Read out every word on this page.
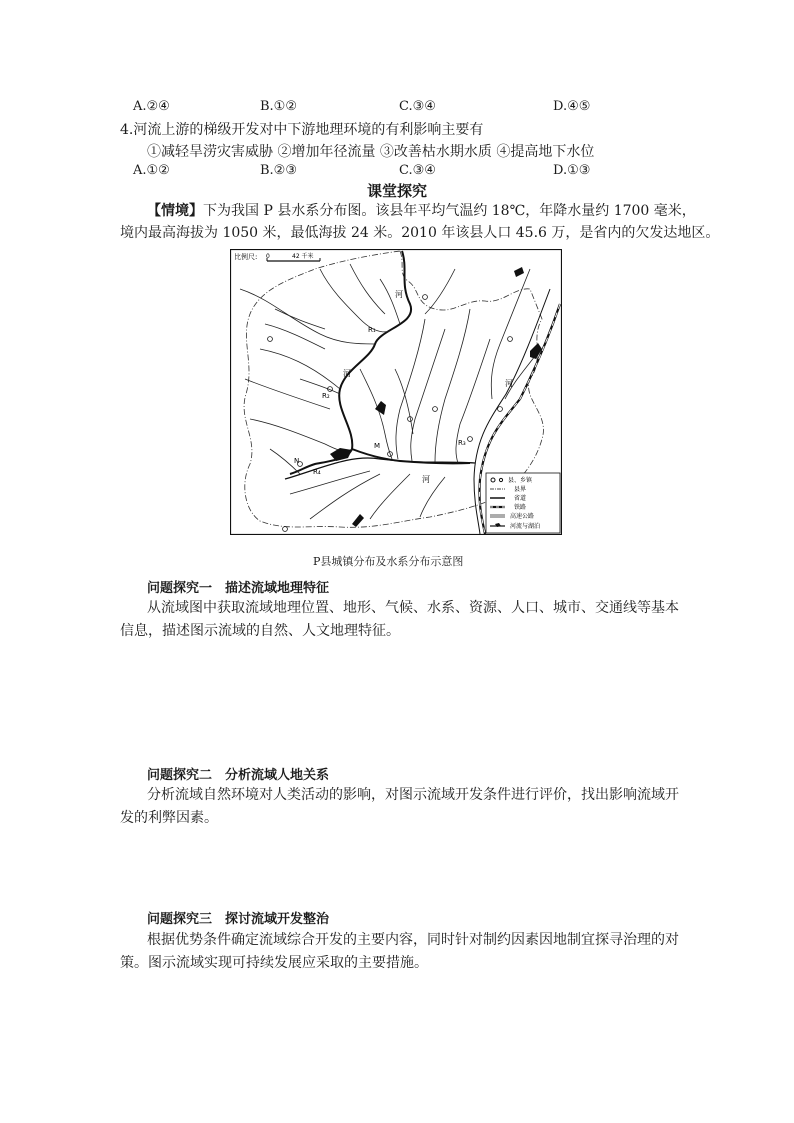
A.②④	B.①②	C.③④	D.④⑤
4.河流上游的梯级开发对中下游地理环境的有利影响主要有
①减轻旱涝灾害威胁 ②增加年径流量 ③改善枯水期水质 ④提高地下水位
A.①②	B.②③	C.③④	D.①③
课堂探究
【情境】下为我国 P 县水系分布图。该县年平均气温约 18℃，年降水量约 1700 毫米，
境内最高海拔为 1050 米，最低海拔 24 米。2010 年该县人口 45.6 万，是省内的欠发达地区。
比例尺: 0	42 千米
河
河
河
河
R₁
R₂
R₃
R₄
M
N
县、乡镇
县界
省道
铁路
高速公路
河流与湖泊
P县城镇分布及水系分布示意图
问题探究一　描述流域地理特征
从流域图中获取流域地理位置、地形、气候、水系、资源、人口、城市、交通线等基本
信息，描述图示流域的自然、人文地理特征。
问题探究二　分析流域人地关系
分析流域自然环境对人类活动的影响，对图示流域开发条件进行评价，找出影响流域开
发的利弊因素。
问题探究三　探讨流域开发整治
根据优势条件确定流域综合开发的主要内容，同时针对制约因素因地制宜探寻治理的对
策。图示流域实现可持续发展应采取的主要措施。
